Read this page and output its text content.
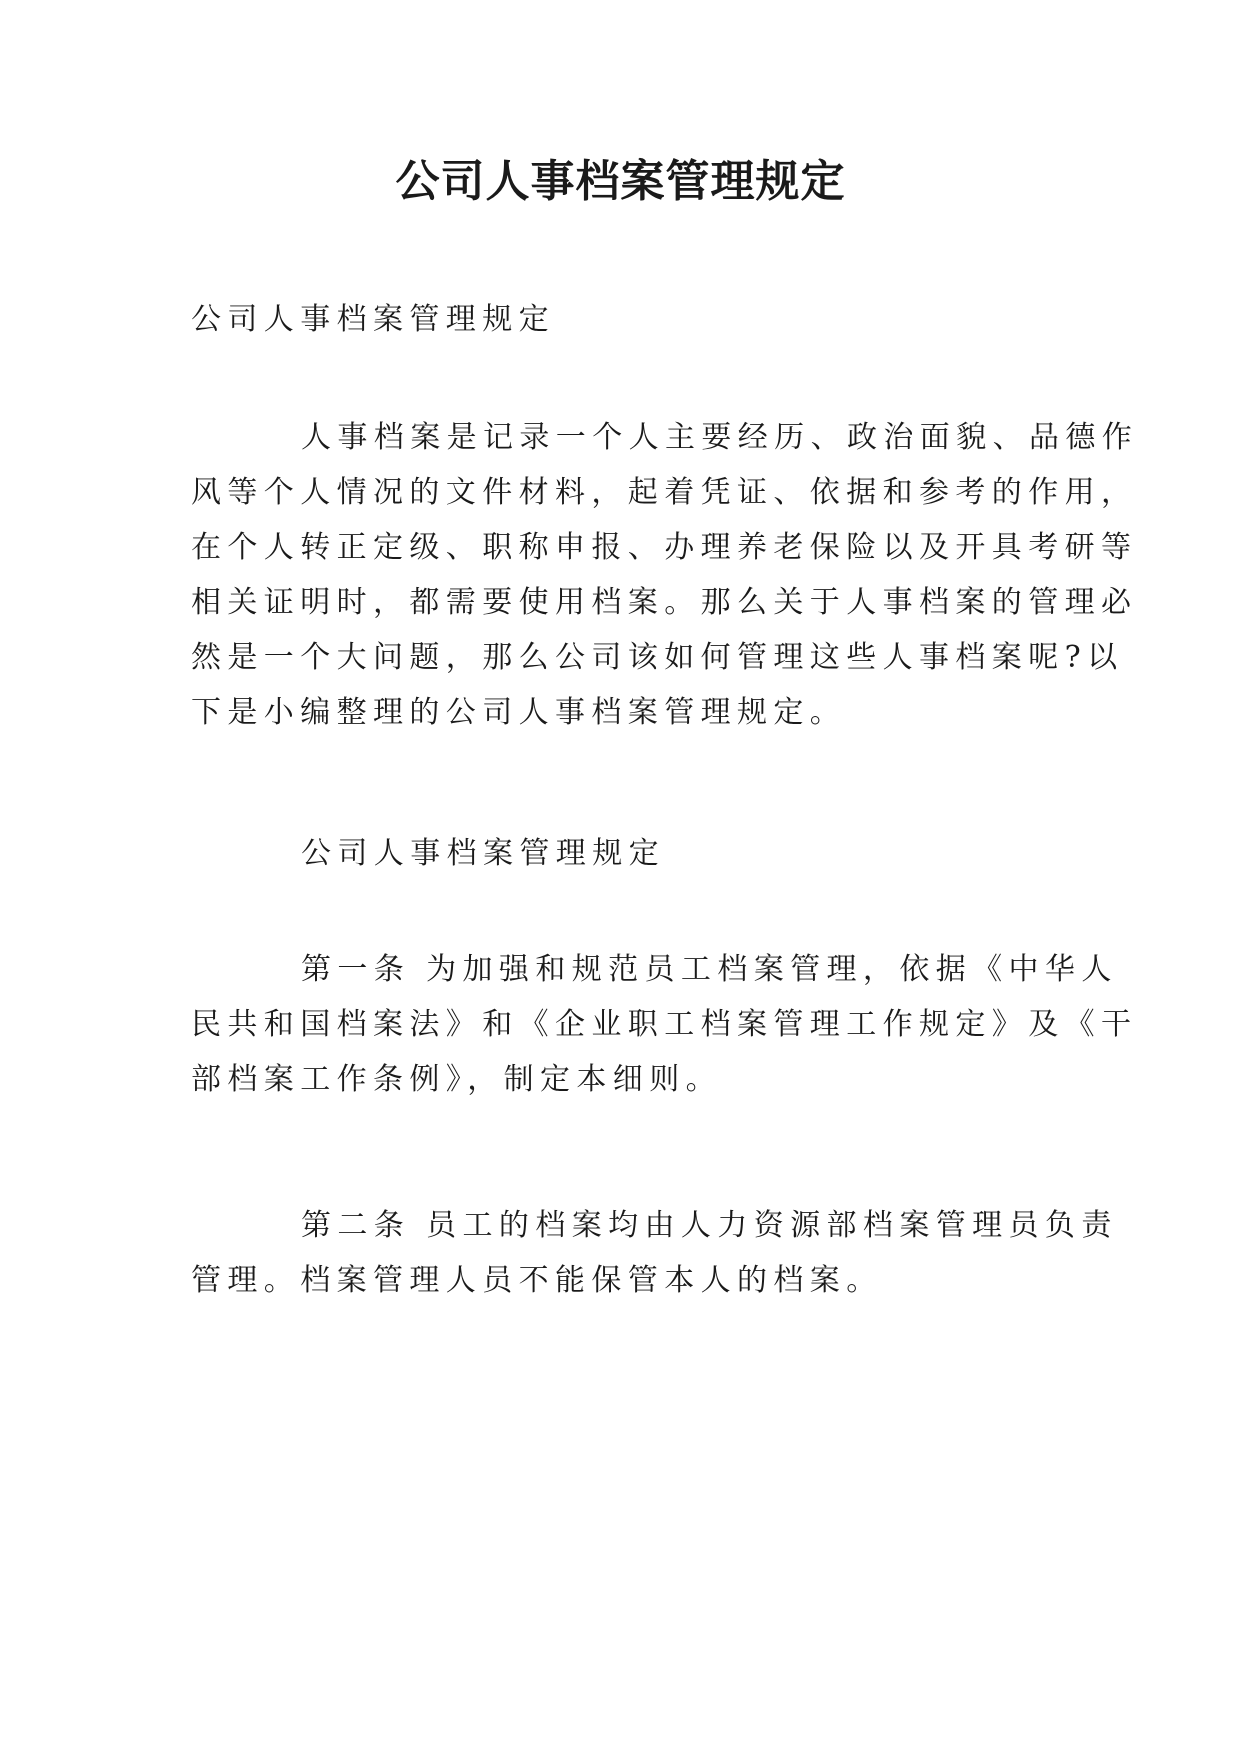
公司人事档案管理规定
公司人事档案管理规定
人事档案是记录一个人主要经历、政治面貌、品德作
风等个人情况的文件材料，起着凭证、依据和参考的作用，
在个人转正定级、职称申报、办理养老保险以及开具考研等
相关证明时，都需要使用档案。那么关于人事档案的管理必
然是一个大问题，那么公司该如何管理这些人事档案呢?以
下是小编整理的公司人事档案管理规定。
公司人事档案管理规定
第一条 为加强和规范员工档案管理，依据《中华人
民共和国档案法》和《企业职工档案管理工作规定》及《干
部档案工作条例》，制定本细则。
第二条 员工的档案均由人力资源部档案管理员负责
管理。档案管理人员不能保管本人的档案。
